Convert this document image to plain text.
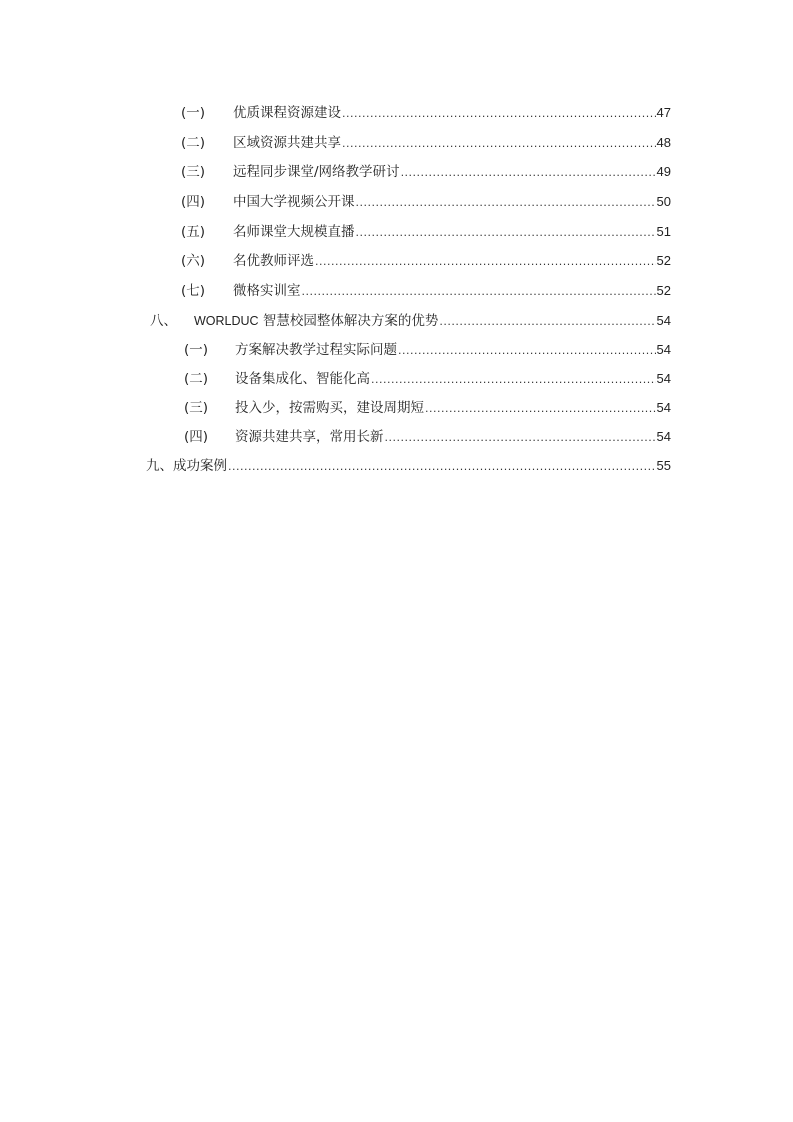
(一)	优质课程资源建设 .....	47
(二)	区域资源共建共享 .....	48
(三)	远程同步课堂/网络教学研讨 .....	49
(四)	中国大学视频公开课 .....	50
(五)	名师课堂大规模直播 .....	51
(六)	名优教师评选 .....	52
(七)	微格实训室 .....	52
八、	WORLDUC 智慧校园整体解决方案的优势 .....	54
(一)	方案解决教学过程实际问题 .....	54
(二)	设备集成化、智能化高 .....	54
(三)	投入少，按需购买，建设周期短 .....	54
(四)	资源共建共享，常用长新 .....	54
九、 成功案例 .....	55
